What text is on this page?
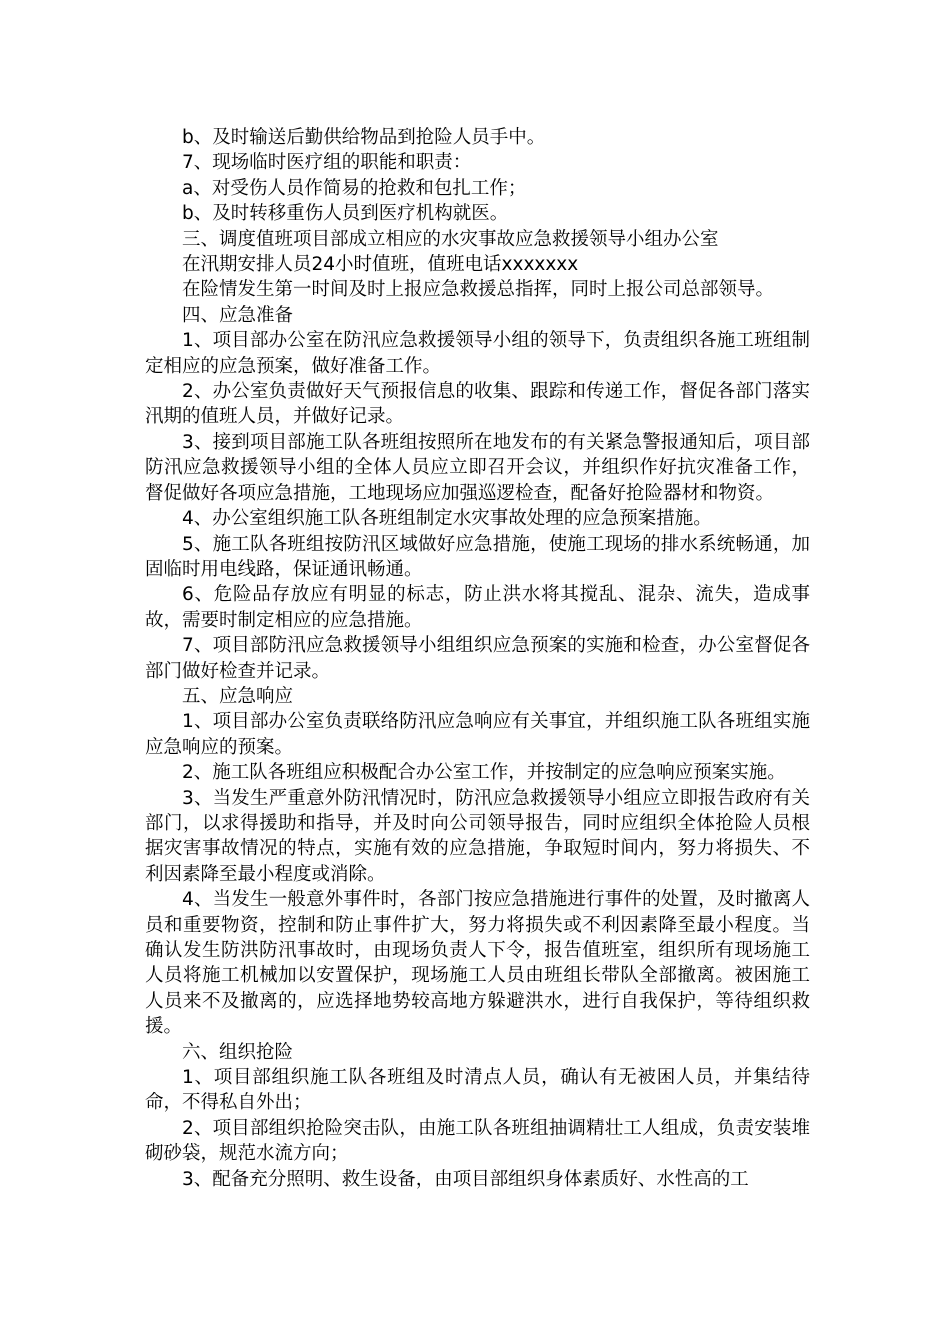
b、及时输送后勤供给物品到抢险人员手中。

7、现场临时医疗组的职能和职责：

a、对受伤人员作简易的抢救和包扎工作；

b、及时转移重伤人员到医疗机构就医。

三、调度值班项目部成立相应的水灾事故应急救援领导小组办公室

在汛期安排人员24小时值班，值班电话xxxxxxx

在险情发生第一时间及时上报应急救援总指挥，同时上报公司总部领导。

四、应急准备

1、项目部办公室在防汛应急救援领导小组的领导下，负责组织各施工班组制定相应的应急预案，做好准备工作。

2、办公室负责做好天气预报信息的收集、跟踪和传递工作，督促各部门落实汛期的值班人员，并做好记录。

3、接到项目部施工队各班组按照所在地发布的有关紧急警报通知后，项目部防汛应急救援领导小组的全体人员应立即召开会议，并组织作好抗灾准备工作，督促做好各项应急措施，工地现场应加强巡逻检查，配备好抢险器材和物资。

4、办公室组织施工队各班组制定水灾事故处理的应急预案措施。

5、施工队各班组按防汛区域做好应急措施，使施工现场的排水系统畅通，加固临时用电线路，保证通讯畅通。

6、危险品存放应有明显的标志，防止洪水将其搅乱、混杂、流失，造成事故，需要时制定相应的应急措施。

7、项目部防汛应急救援领导小组组织应急预案的实施和检查，办公室督促各部门做好检查并记录。

五、应急响应

1、项目部办公室负责联络防汛应急响应有关事宜，并组织施工队各班组实施应急响应的预案。

2、施工队各班组应积极配合办公室工作，并按制定的应急响应预案实施。

3、当发生严重意外防汛情况时，防汛应急救援领导小组应立即报告政府有关部门，以求得援助和指导，并及时向公司领导报告，同时应组织全体抢险人员根据灾害事故情况的特点，实施有效的应急措施，争取短时间内，努力将损失、不利因素降至最小程度或消除。

4、当发生一般意外事件时，各部门按应急措施进行事件的处置，及时撤离人员和重要物资，控制和防止事件扩大，努力将损失或不利因素降至最小程度。当确认发生防洪防汛事故时，由现场负责人下令，报告值班室，组织所有现场施工人员将施工机械加以安置保护，现场施工人员由班组长带队全部撤离。被困施工人员来不及撤离的，应选择地势较高地方躲避洪水，进行自我保护，等待组织救援。

六、组织抢险

1、项目部组织施工队各班组及时清点人员，确认有无被困人员，并集结待命，不得私自外出；

2、项目部组织抢险突击队，由施工队各班组抽调精壮工人组成，负责安装堆砌砂袋，规范水流方向；

3、配备充分照明、救生设备，由项目部组织身体素质好、水性高的工
